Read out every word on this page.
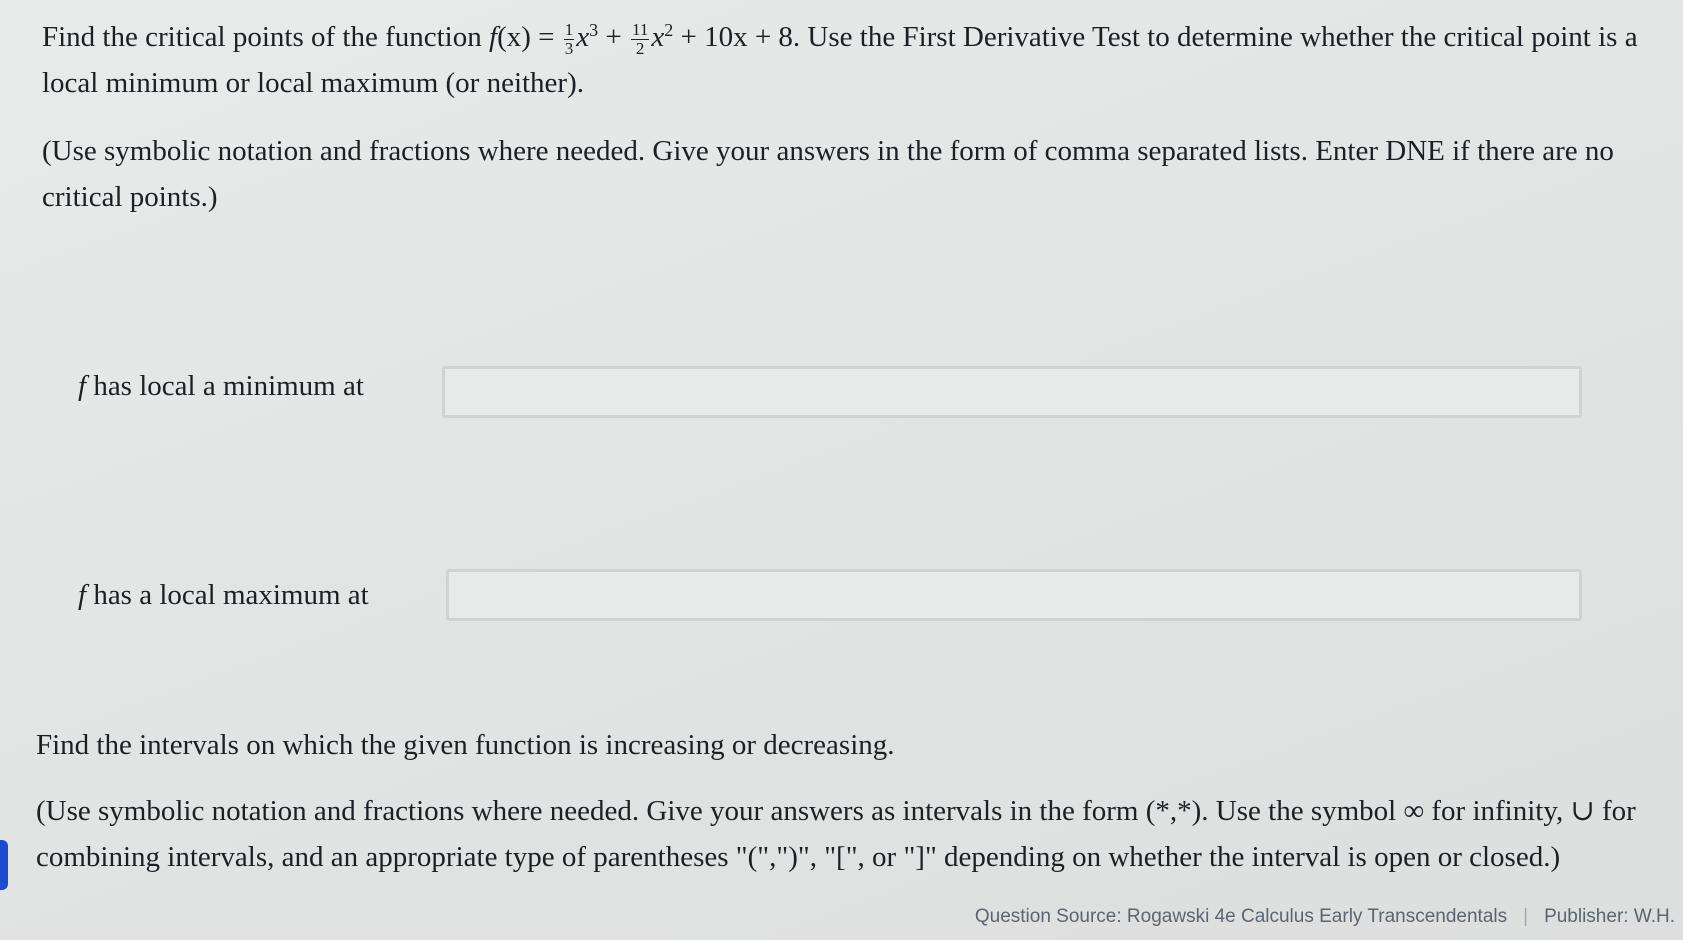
Find the critical points of the function $f(x) = \frac{1}{3} x^3 + \frac{11}{2} x^2 + 10x + 8$. Use the First Derivative Test to determine whether the critical point is a local minimum or local maximum (or neither).

(Use symbolic notation and fractions where needed. Give your answers in the form of comma separated lists. Enter DNE if there are no critical points.)

f has local a minimum at
f has a local maximum at

Find the intervals on which the given function is increasing or decreasing.

(Use symbolic notation and fractions where needed. Give your answers as intervals in the form (*,*). Use the symbol ∞ for infinity, ∪ for combining intervals, and an appropriate type of parentheses "(",")", "[", or "]" depending on whether the interval is open or closed.)

Question Source: Rogawski 4e Calculus Early Transcendentals | Publisher: W.H.
